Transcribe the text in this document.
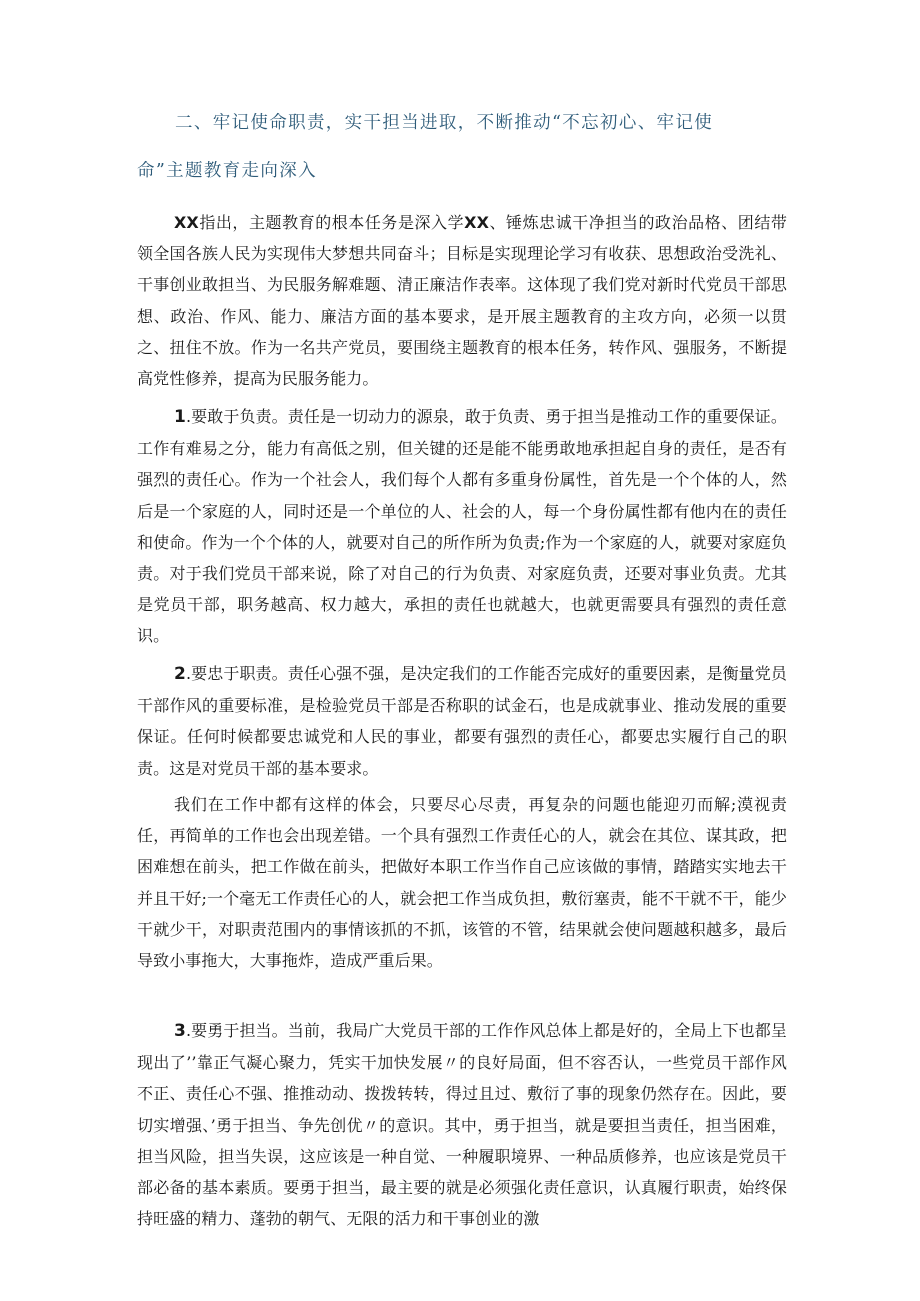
二、牢记使命职责，实干担当进取，不断推动“不忘初心、牢记使
命”主题教育走向深入

XX指出，主题教育的根本任务是深入学XX、锤炼忠诚干净担当的政治品格、团结带领全国各族人民为实现伟大梦想共同奋斗；目标是实现理论学习有收获、思想政治受洗礼、干事创业敢担当、为民服务解难题、清正廉洁作表率。这体现了我们党对新时代党员干部思想、政治、作风、能力、廉洁方面的基本要求，是开展主题教育的主攻方向，必须一以贯之、扭住不放。作为一名共产党员，要围绕主题教育的根本任务，转作风、强服务，不断提高党性修养，提高为民服务能力。

1.要敢于负责。责任是一切动力的源泉，敢于负责、勇于担当是推动工作的重要保证。工作有难易之分，能力有高低之别，但关键的还是能不能勇敢地承担起自身的责任，是否有强烈的责任心。作为一个社会人，我们每个人都有多重身份属性，首先是一个个体的人，然后是一个家庭的人，同时还是一个单位的人、社会的人，每一个身份属性都有他内在的责任和使命。作为一个个体的人，就要对自己的所作所为负责;作为一个家庭的人，就要对家庭负责。对于我们党员干部来说，除了对自己的行为负责、对家庭负责，还要对事业负责。尤其是党员干部，职务越高、权力越大，承担的责任也就越大，也就更需要具有强烈的责任意识。

2.要忠于职责。责任心强不强，是决定我们的工作能否完成好的重要因素，是衡量党员干部作风的重要标准，是检验党员干部是否称职的试金石，也是成就事业、推动发展的重要保证。任何时候都要忠诚党和人民的事业，都要有强烈的责任心，都要忠实履行自己的职责。这是对党员干部的基本要求。

我们在工作中都有这样的体会，只要尽心尽责，再复杂的问题也能迎刃而解;漠视责任，再简单的工作也会出现差错。一个具有强烈工作责任心的人，就会在其位、谋其政，把困难想在前头，把工作做在前头，把做好本职工作当作自己应该做的事情，踏踏实实地去干并且干好;一个毫无工作责任心的人，就会把工作当成负担，敷衍塞责，能不干就不干，能少干就少干，对职责范围内的事情该抓的不抓，该管的不管，结果就会使问题越积越多，最后导致小事拖大，大事拖炸，造成严重后果。

3.要勇于担当。当前，我局广大党员干部的工作作风总体上都是好的，全局上下也都呈现出了’’靠正气凝心聚力，凭实干加快发展〃的良好局面，但不容否认，一些党员干部作风不正、责任心不强、推推动动、拨拨转转，得过且过、敷衍了事的现象仍然存在。因此，要切实增强、’勇于担当、争先创优〃的意识。其中，勇于担当，就是要担当责任，担当困难，担当风险，担当失误，这应该是一种自觉、一种履职境界、一种品质修养，也应该是党员干部必备的基本素质。要勇于担当，最主要的就是必须强化责任意识，认真履行职责，始终保持旺盛的精力、蓬勃的朝气、无限的活力和干事创业的激
